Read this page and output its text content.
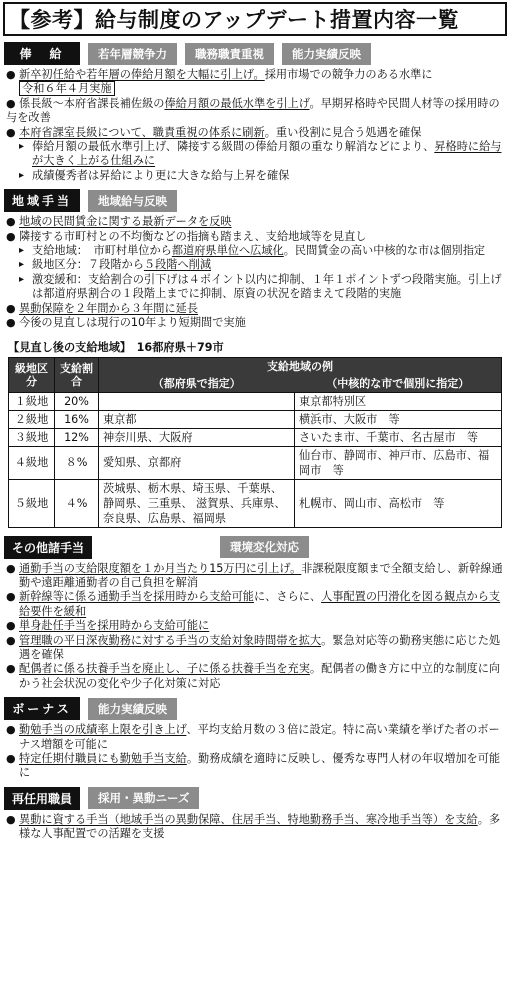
【参考】給与制度のアップデート措置内容一覧
俸　給	若年層競争力	職務職責重視	能力実績反映
● 新卒初任給や若年層の俸給月額を大幅に引上げ。採用市場での競争力のある水準に
令和６年４月実施
● 係長級～本府省課長補佐級の俸給月額の最低水準を引上げ。早期昇格時や民間人材等の採用時の
与を改善
● 本府省課室長級について、職責重視の体系に刷新。重い役割に見合う処遇を確保
▸ 俸給月額の最低水準引上げ、隣接する級間の俸給月額の重なり解消などにより、昇格時に給与が大きく上がる仕組みに
▸ 成績優秀者は昇給により更に大きな給与上昇を確保
地域手当	地域給与反映
● 地域の民間賃金に関する最新データを反映
● 隣接する市町村との不均衡などの指摘も踏まえ、支給地域等を見直し
▸ 支給地域：　市町村単位から都道府県単位へ広域化。民間賃金の高い中核的な市は個別指定
▸ 級地区分：７段階から５段階へ削減
▸ 激変緩和：支給割合の引下げは４ポイント以内に抑制、１年１ポイントずつ段階実施。引上げは都道府県割合の１段階上までに抑制、原資の状況を踏まえて段階的実施
● 異動保障を２年間から３年間に延長
● 今後の見直しは現行の10年より短期間で実施
【見直し後の支給地域】　16都府県＋79市
級地区分	支給割合	支給地域の例	
		（都府県で指定）	（中核的な市で個別に指定）
１級地	20%		東京都特別区
２級地	16%	東京都	横浜市、大阪市　等
３級地	12%	神奈川県、大阪府	さいたま市、千葉市、名古屋市　等
４級地	８%	愛知県、京都府	仙台市、静岡市、神戸市、広島市、福岡市　等
５級地	４%	茨城県、栃木県、埼玉県、千葉県、静岡県、三重県、 滋賀県、兵庫県、奈良県、広島県、福岡県	札幌市、岡山市、高松市　等
その他諸手当	環境変化対応
● 通勤手当の支給限度額を１か月当たり15万円に引上げ。非課税限度額まで全額支給し、新幹線通勤や遠距離通勤者の自己負担を解消
● 新幹線等に係る通勤手当を採用時から支給可能に、さらに、人事配置の円滑化を図る観点から支給要件を緩和
● 単身赴任手当を採用時から支給可能に
● 管理職の平日深夜勤務に対する手当の支給対象時間帯を拡大。緊急対応等の勤務実態に応じた処遇を確保
● 配偶者に係る扶養手当を廃止し、子に係る扶養手当を充実。配偶者の働き方に中立的な制度に向かう社会状況の変化や少子化対策に対応
ボーナス	能力実績反映
● 勤勉手当の成績率上限を引き上げ、平均支給月数の３倍に設定。特に高い業績を挙げた者のボーナス増額を可能に
● 特定任期付職員にも勤勉手当支給。勤務成績を適時に反映し、優秀な専門人材の年収増加を可能に
再任用職員	採用・異動ニーズ
● 異動に資する手当（地域手当の異動保障、住居手当、特地勤務手当、寒冷地手当等）を支給。多様な人事配置での活躍を支援
